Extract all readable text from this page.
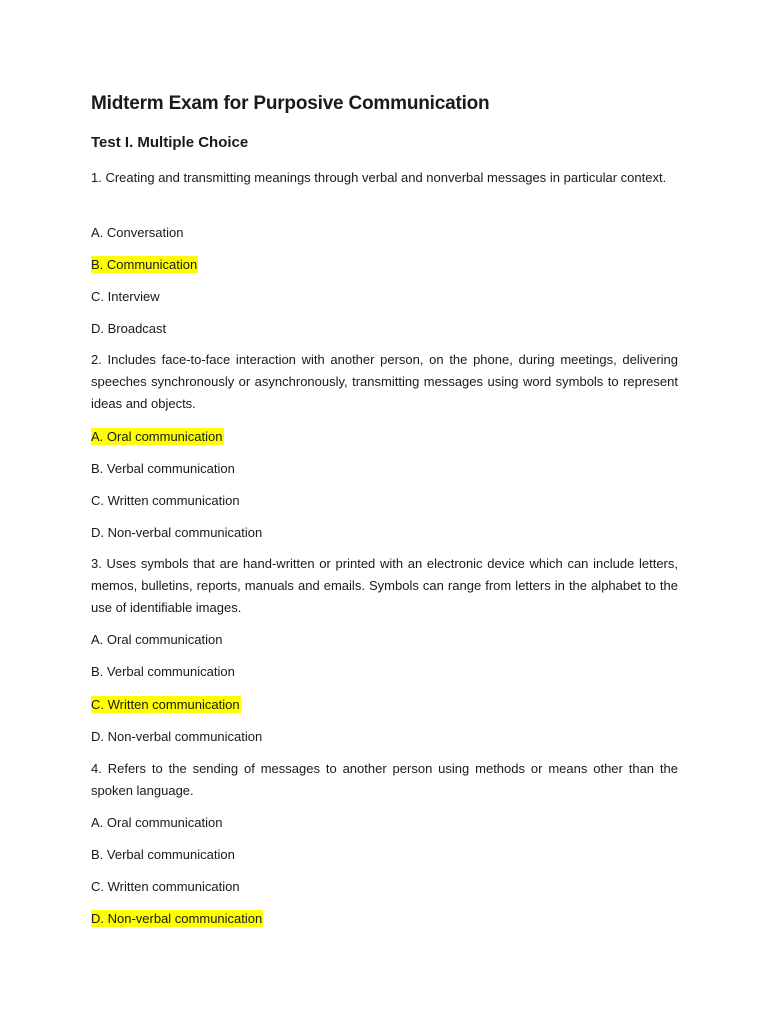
Midterm Exam for Purposive Communication
Test I. Multiple Choice
1. Creating and transmitting meanings through verbal and nonverbal messages in particular context.
A. Conversation
B. Communication
C. Interview
D. Broadcast
2. Includes face-to-face interaction with another person, on the phone, during meetings, delivering speeches synchronously or asynchronously, transmitting messages using word symbols to represent ideas and objects.
A. Oral communication
B. Verbal communication
C. Written communication
D. Non-verbal communication
3. Uses symbols that are hand-written or printed with an electronic device which can include letters, memos, bulletins, reports, manuals and emails. Symbols can range from letters in the alphabet to the use of identifiable images.
A. Oral communication
B. Verbal communication
C. Written communication
D. Non-verbal communication
4. Refers to the sending of messages to another person using methods or means other than the spoken language.
A. Oral communication
B. Verbal communication
C. Written communication
D. Non-verbal communication
